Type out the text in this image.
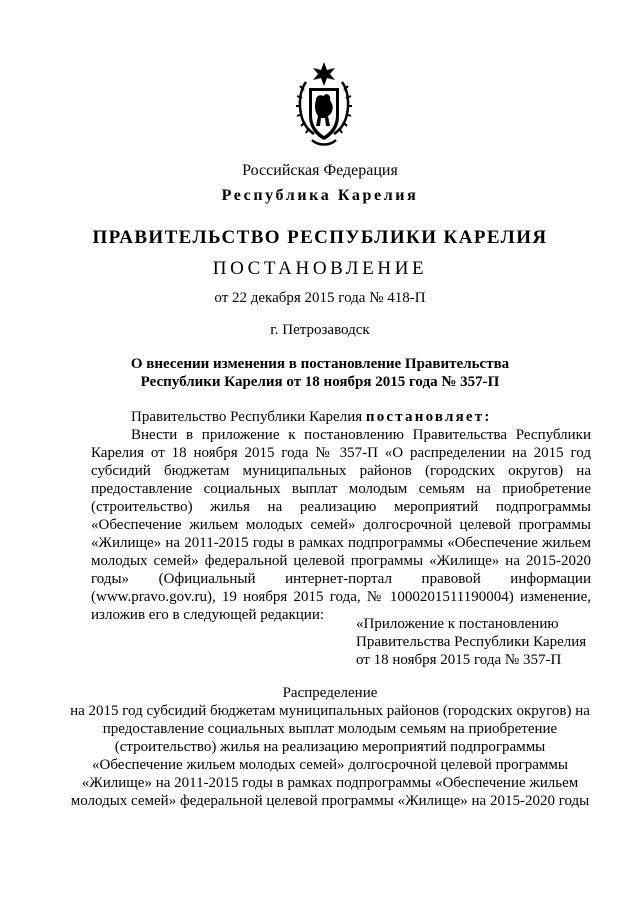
Российская Федерация
Республика Карелия
ПРАВИТЕЛЬСТВО РЕСПУБЛИКИ КАРЕЛИЯ
ПОСТАНОВЛЕНИЕ
от 22 декабря 2015 года № 418-П
г. Петрозаводск
О внесении изменения в постановление Правительства
Республики Карелия от 18 ноября 2015 года № 357-П
Правительство Республики Карелия постановляет:
Внести в приложение к постановлению Правительства Республики Карелия от 18 ноября 2015 года № 357-П «О распределении на 2015 год субсидий бюджетам муниципальных районов (городских округов) на предоставление социальных выплат молодым семьям на приобретение (строительство) жилья на реализацию мероприятий подпрограммы «Обеспечение жильем молодых семей» долгосрочной целевой программы «Жилище» на 2011-2015 годы в рамках подпрограммы «Обеспечение жильем молодых семей» федеральной целевой программы «Жилище» на 2015-2020 годы» (Официальный интернет-портал правовой информации (www.pravo.gov.ru), 19 ноября 2015 года, № 1000201511190004) изменение, изложив его в следующей редакции:
«Приложение к постановлению
Правительства Республики Карелия
от 18 ноября 2015 года № 357-П
Распределение
на 2015 год субсидий бюджетам муниципальных районов (городских округов) на предоставление социальных выплат молодым семьям на приобретение (строительство) жилья на реализацию мероприятий подпрограммы «Обеспечение жильем молодых семей» долгосрочной целевой программы «Жилище» на 2011-2015 годы в рамках подпрограммы «Обеспечение жильем молодых семей» федеральной целевой программы «Жилище» на 2015-2020 годы
